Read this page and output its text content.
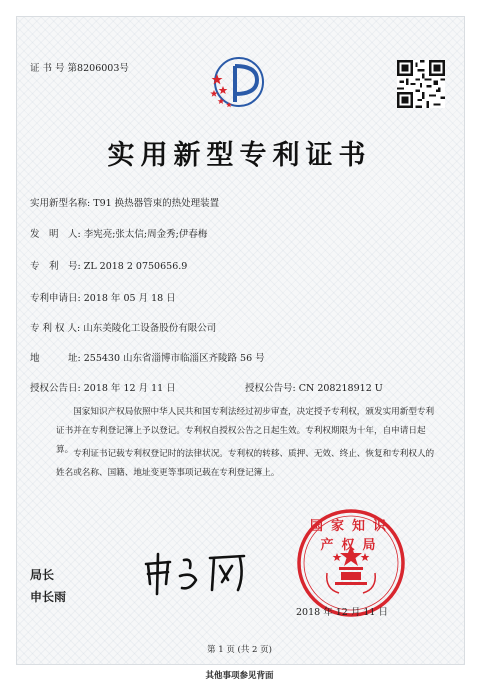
证 书 号 第8206003号
实用新型专利证书
实用新型名称: T91 换热器管束的热处理装置
发　明　人: 李宪亮;张太信;周金秀;伊春梅
专　利　号: ZL 2018 2 0750656.9
专利申请日: 2018 年 05 月 18 日
专 利 权 人: 山东美陵化工设备股份有限公司
地　　　址: 255430 山东省淄博市临淄区齐陵路 56 号
授权公告日: 2018 年 12 月 11 日	授权公告号: CN 208218912 U
国家知识产权局依照中华人民共和国专利法经过初步审查，决定授予专利权，颁发实用新型专利证书并在专利登记簿上予以登记。专利权自授权公告之日起生效。专利权期限为十年，自申请日起算。 专利证书记载专利权登记时的法律状况。专利权的转移、质押、无效、终止、恢复和专利权人的姓名或名称、国籍、地址变更等事项记载在专利登记簿上。
局长
申长雨
国家知识产权局
2018 年 12 月 11 日
第 1 页 (共 2 页)
其他事项参见背面
